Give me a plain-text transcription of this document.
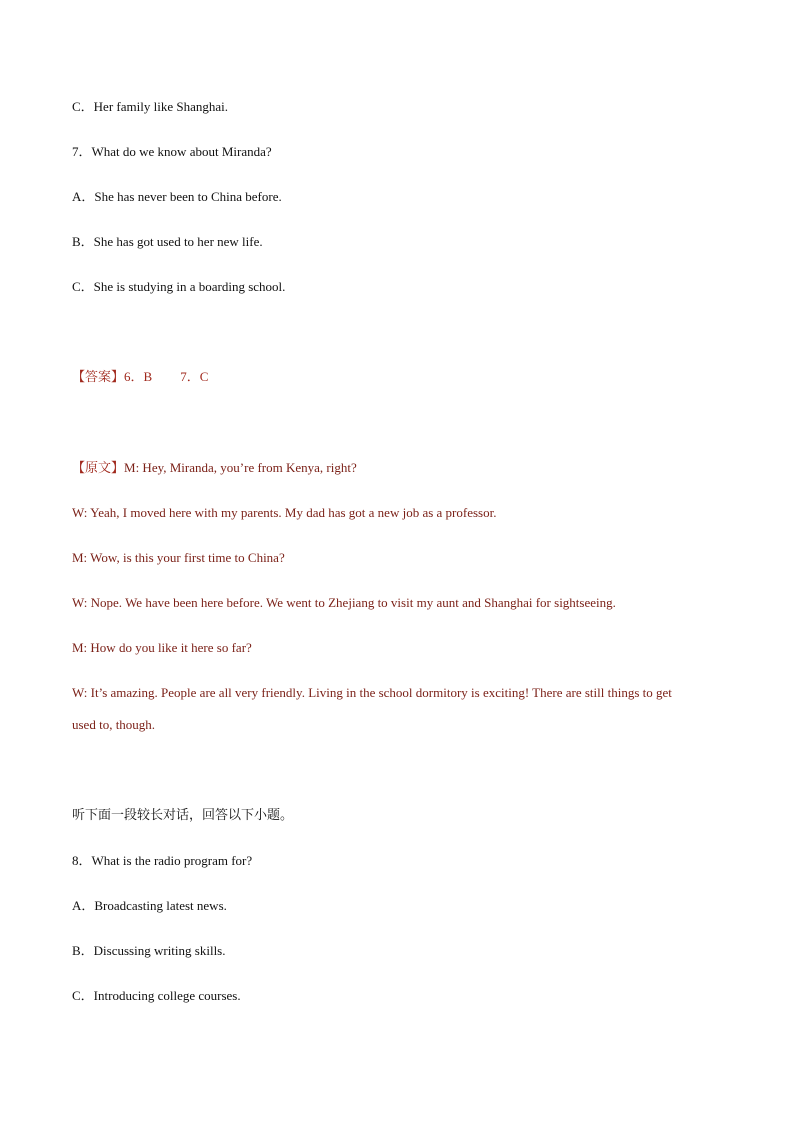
C．Her family like Shanghai.
7．What do we know about Miranda?
A．She has never been to China before.
B．She has got used to her new life.
C．She is studying in a boarding school.
【答案】6．B 7．C
【原文】M: Hey, Miranda, you’re from Kenya, right?
W: Yeah, I moved here with my parents. My dad has got a new job as a professor.
M: Wow, is this your first time to China?
W: Nope. We have been here before. We went to Zhejiang to visit my aunt and Shanghai for sightseeing.
M: How do you like it here so far?
W: It’s amazing. People are all very friendly. Living in the school dormitory is exciting! There are still things to get
used to, though.
听下面一段较长对话，回答以下小题。
8．What is the radio program for?
A．Broadcasting latest news.
B．Discussing writing skills.
C．Introducing college courses.
